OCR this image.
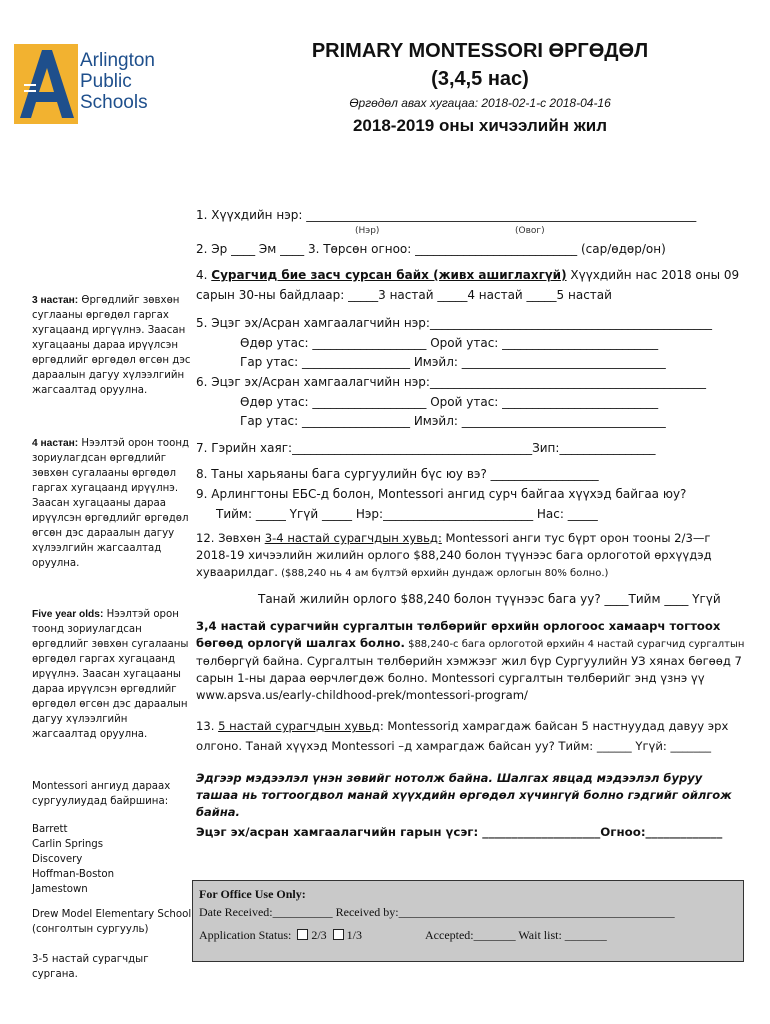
Arlington
Public
Schools
PRIMARY MONTESSORI ӨРГӨДӨЛ
(3,4,5 нас)
Өргөдөл авах хугацаа: 2018-02-1-с 2018-04-16
2018-2019 оны хичээлийн жил
1. Хүүхдийн нэр: _________________________________________________________________
(Нэр)	(Овог)
2. Эр ____ Эм ____ 3. Төрсөн огноо: ___________________________ (сар/өдөр/он)
4. Сурагчид бие засч сурсан байх (живх ашиглахгүй) Хүүхдийн нас 2018 оны 09
сарын 30-ны байдлаар: _____3 настай _____4 настай _____5 настай
5. Эцэг эх/Асран хамгаалагчийн нэр:_______________________________________________
Өдөр утас: ___________________ Орой утас: __________________________
Гар утас: __________________ Имэйл: __________________________________
6. Эцэг эх/Асран хамгаалагчийн нэр:______________________________________________
Өдөр утас: ___________________ Орой утас: __________________________
Гар утас: __________________ Имэйл: __________________________________
7. Гэрийн хаяг:________________________________________Зип:________________
8. Таны харьяаны бага сургуулийн бүс юу вэ? __________________
9. Арлингтоны ЕБС-д болон, Montessori ангид сурч байгаа хүүхэд байгаа юу?
Тийм: _____ Үгүй _____ Нэр:_________________________ Нас: _____
12. Зөвхөн 3-4 настай сурагчдын хувьд: Montessori анги тус бүрт орон тооны 2/3—г 2018-19 хичээлийн жилийн орлого $88,240 болон түүнээс бага орлоготой өрхүүдэд хуваарилдаг. ($88,240 нь 4 ам бүлтэй өрхийн дундаж орлогын 80% болно.)
Танай жилийн орлого $88,240 болон түүнээс бага уу? ____Тийм ____ Үгүй
3,4 настай сурагчийн сургалтын төлбөрийг өрхийн орлогоос хамаарч тогтоох бөгөөд орлогүй шалгах болно. $88,240-с бага орлоготой өрхийн 4 настай сурагчид сургалтын төлбөргүй байна. Сургалтын төлбөрийн хэмжээг жил бүр Сургуулийн УЗ хянах бөгөөд 7 сарын 1-ны дараа өөрчлөгдөж болно. Montessori сургалтын төлбөрийг энд үзнэ үү www.apsva.us/early-childhood-prek/montessori-program/
13. 5 настай сурагчдын хувьд: Montessoriд хамрагдаж байсан 5 настнуудад давуу эрх олгоно. Танай хүүхэд Montessori –д хамрагдаж байсан уу? Тийм: ______ Үгүй: _______
Эдгээр мэдээлэл үнэн зөвийг нотолж байна. Шалгах явцад мэдээлэл буруу ташаа нь тогтоогдвол манай хүүхдийн өргөдөл хүчингүй болно гэдгийг ойлгож байна.
Эцэг эх/асран хамгаалагчийн гарын үсэг: ____________________Огноо:_____________
3 настан: Өргөдлийг зөвхөн суглааны өргөдөл гаргах хугацаанд иргүүлнэ. Заасан хугацааны дараа ирүүлсэн өргөдлийг өргөдөл өгсөн дэс дараалын дагуу хүлээлгийн жагсаалтад оруулна.
4 настан: Нээлтэй орон тоонд зориулагдсан өргөдлийг зөвхөн сугалааны өргөдөл гаргах хугацаанд ирүүлнэ. Заасан хугацааны дараа ирүүлсэн өргөдлийг өргөдөл өгсөн дэс дараалын дагуу хүлээлгийн жагсаалтад оруулна.
Five year olds: Нээлтэй орон тоонд зориулагдсан өргөдлийг зөвхөн сугалааны өргөдөл гаргах хугацаанд ирүүлнэ. Заасан хугацааны дараа ирүүлсэн өргөдлийг өргөдөл өгсөн дэс дараалын дагуу хүлээлгийн жагсаалтад оруулна.
Montessori ангиуд дараах сургуулиудад байршина:
Barrett
Carlin Springs
Discovery
Hoffman-Boston
Jamestown
Drew Model Elementary School (сонголтын сургууль)
3-5 настай сурагчдыг сургана.
For Office Use Only:
Date Received:__________ Received by:______________________________________________
Application Status: 2/3 1/3	Accepted:_______ Wait list: _______
